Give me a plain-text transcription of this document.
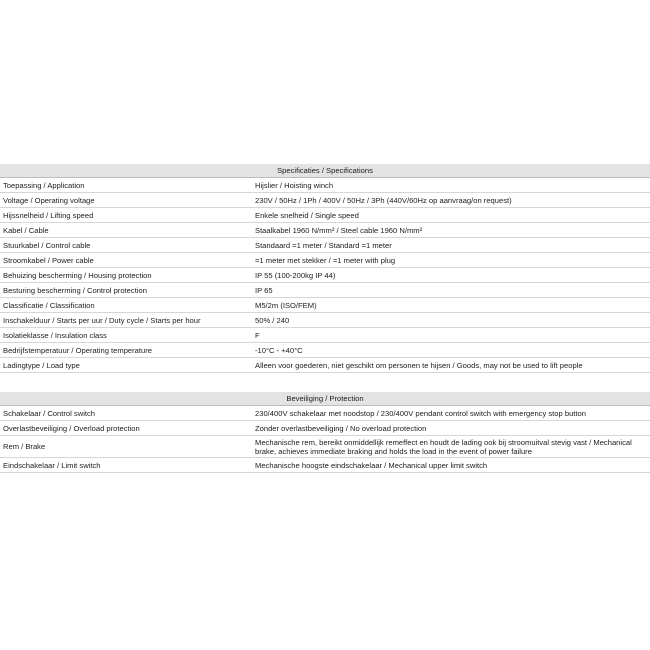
Specificaties / Specifications	
Toepassing / Application	Hijslier / Hoisting winch
Voltage / Operating voltage	230V / 50Hz / 1Ph / 400V / 50Hz / 3Ph (440V/60Hz op aanvraag/on request)
Hijssnelheid / Lifting speed	Enkele snelheid / Single speed
Kabel / Cable	Staalkabel 1960 N/mm² / Steel cable 1960 N/mm²
Stuurkabel / Control cable	Standaard =1 meter / Standard =1 meter
Stroomkabel / Power cable	=1 meter met stekker / =1 meter with plug
Behuizing bescherming / Housing protection	IP 55 (100-200kg IP 44)
Besturing bescherming / Control protection	IP 65
Classificatie / Classification	M5/2m (ISO/FEM)
Inschakelduur / Starts per uur / Duty cycle / Starts per hour	50% / 240
Isolatieklasse / Insulation class	F
Bedrijfstemperatuur / Operating temperature	-10°C - +40°C
Ladingtype / Load type	Alleen voor goederen, niet geschikt om personen te hijsen / Goods, may not be used to lift people
Beveiliging / Protection	
Schakelaar / Control switch	230/400V schakelaar met noodstop / 230/400V pendant control switch with emergency stop button
Overlastbeveiliging / Overload protection	Zonder overlastbeveiliging / No overload protection
Rem / Brake	Mechanische rem, bereikt onmiddellijk remeffect en houdt de lading ook bij stroomuitval stevig vast / Mechanical brake, achieves immediate braking and holds the load in the event of power failure
Eindschakelaar / Limit switch	Mechanische hoogste eindschakelaar / Mechanical upper limit switch
